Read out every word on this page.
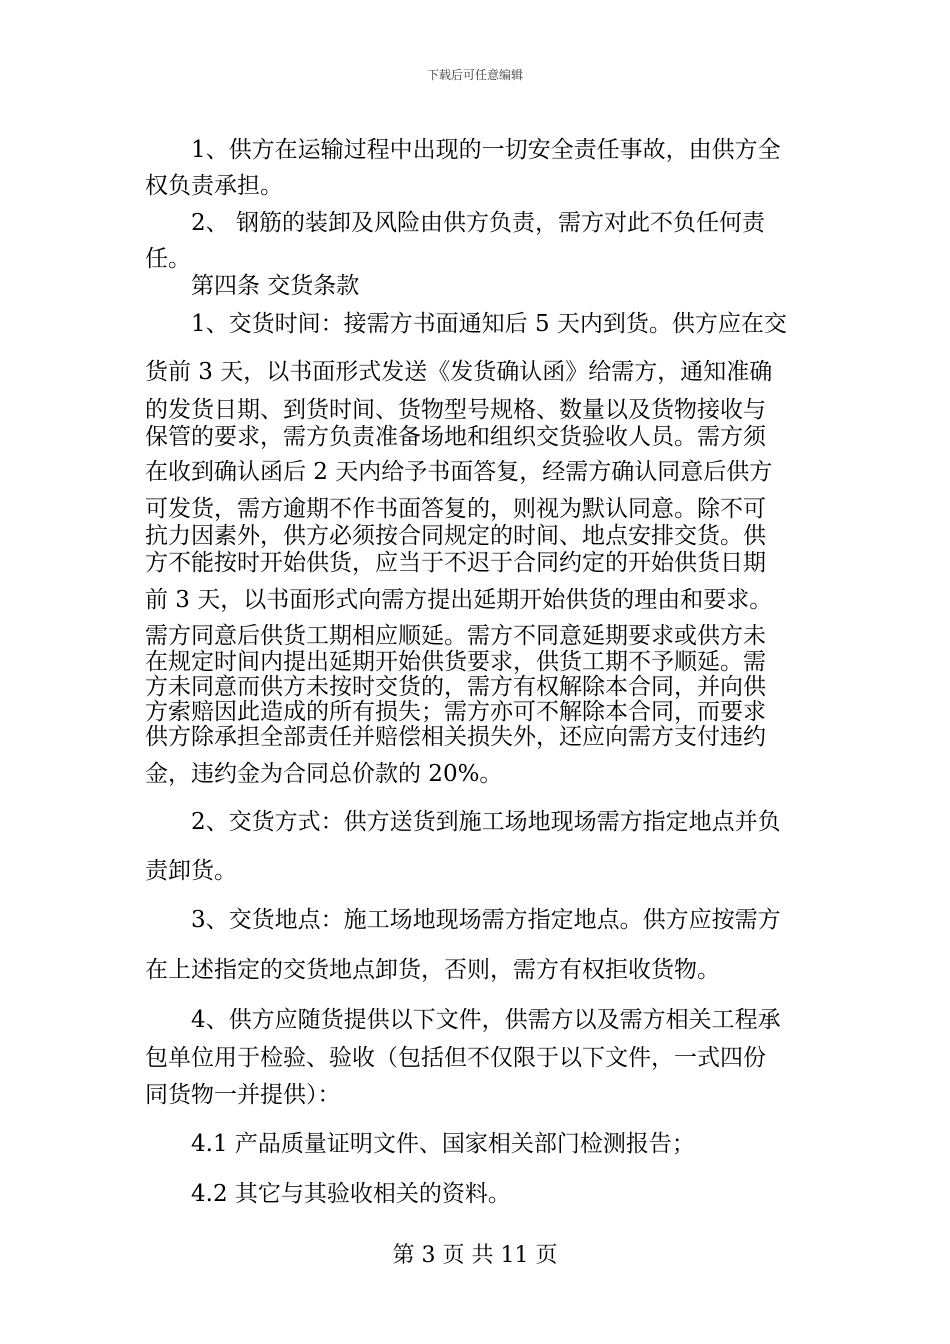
下载后可任意编辑
1、供方在运输过程中出现的一切安全责任事故，由供方全
权负责承担。
2、 钢筋的装卸及风险由供方负责，需方对此不负任何责
任。
第四条 交货条款
1、交货时间：接需方书面通知后 5 天内到货。供方应在交
货前 3 天，以书面形式发送《发货确认函》给需方，通知准确
的发货日期、到货时间、货物型号规格、数量以及货物接收与
保管的要求，需方负责准备场地和组织交货验收人员。需方须
在收到确认函后 2 天内给予书面答复，经需方确认同意后供方
可发货，需方逾期不作书面答复的，则视为默认同意。除不可
抗力因素外，供方必须按合同规定的时间、地点安排交货。供
方不能按时开始供货，应当于不迟于合同约定的开始供货日期
前 3 天，以书面形式向需方提出延期开始供货的理由和要求。
需方同意后供货工期相应顺延。需方不同意延期要求或供方未
在规定时间内提出延期开始供货要求，供货工期不予顺延。需
方未同意而供方未按时交货的，需方有权解除本合同，并向供
方索赔因此造成的所有损失；需方亦可不解除本合同，而要求
供方除承担全部责任并赔偿相关损失外，还应向需方支付违约
金，违约金为合同总价款的 20%。
2、交货方式：供方送货到施工场地现场需方指定地点并负
责卸货。
3、交货地点：施工场地现场需方指定地点。供方应按需方
在上述指定的交货地点卸货，否则，需方有权拒收货物。
4、供方应随货提供以下文件，供需方以及需方相关工程承
包单位用于检验、验收（包括但不仅限于以下文件，一式四份
同货物一并提供）：
4.1 产品质量证明文件、国家相关部门检测报告；
4.2 其它与其验收相关的资料。
第 3 页 共 11 页
